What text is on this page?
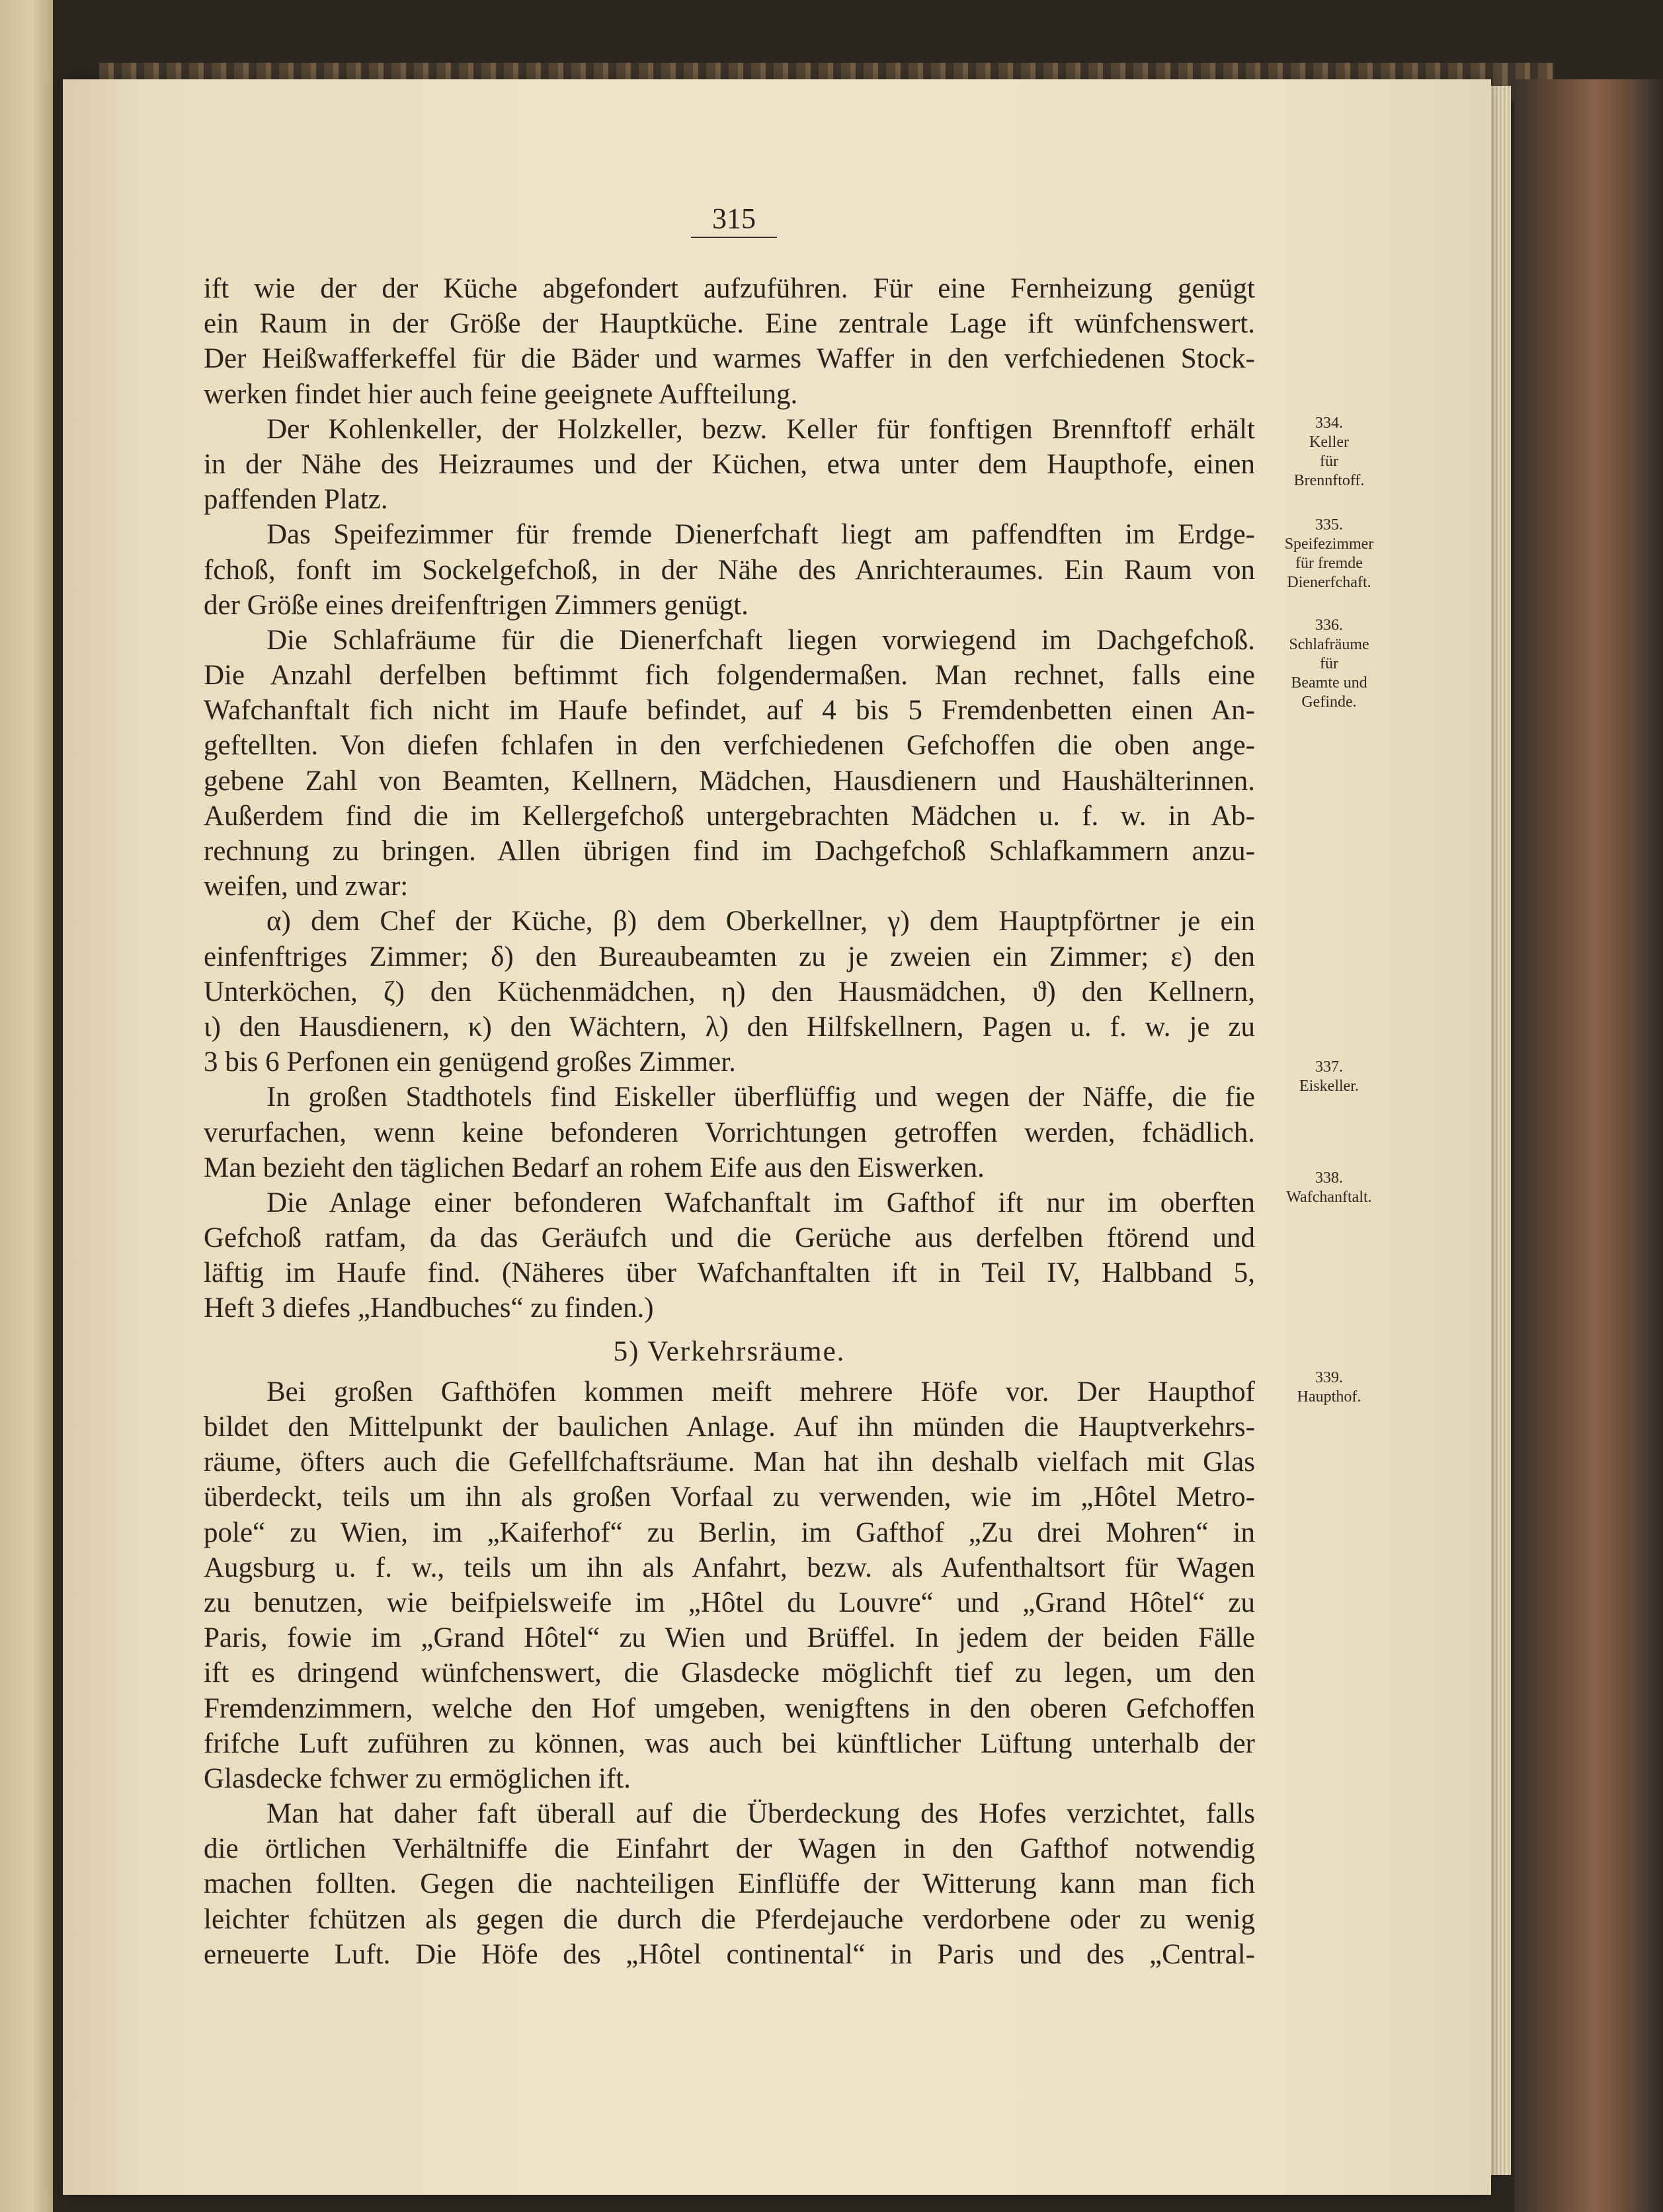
315
ift wie der der Küche abgefondert aufzuführen. Für eine Fernheizung genügt
ein Raum in der Größe der Hauptküche. Eine zentrale Lage ift wünfchenswert.
Der Heißwafferkeffel für die Bäder und warmes Waffer in den verfchiedenen Stock-
werken findet hier auch feine geeignete Auffteilung.
Der Kohlenkeller, der Holzkeller, bezw. Keller für fonftigen Brennftoff erhält
in der Nähe des Heizraumes und der Küchen, etwa unter dem Haupthofe, einen
paffenden Platz.
Das Speifezimmer für fremde Dienerfchaft liegt am paffendften im Erdge-
fchoß, fonft im Sockelgefchoß, in der Nähe des Anrichteraumes. Ein Raum von
der Größe eines dreifenftrigen Zimmers genügt.
Die Schlafräume für die Dienerfchaft liegen vorwiegend im Dachgefchoß.
Die Anzahl derfelben beftimmt fich folgendermaßen. Man rechnet, falls eine
Wafchanftalt fich nicht im Haufe befindet, auf 4 bis 5 Fremdenbetten einen An-
geftellten. Von diefen fchlafen in den verfchiedenen Gefchoffen die oben ange-
gebene Zahl von Beamten, Kellnern, Mädchen, Hausdienern und Haushälterinnen.
Außerdem find die im Kellergefchoß untergebrachten Mädchen u. f. w. in Ab-
rechnung zu bringen. Allen übrigen find im Dachgefchoß Schlafkammern anzu-
weifen, und zwar:
α) dem Chef der Küche, β) dem Oberkellner, γ) dem Hauptpförtner je ein
einfenftriges Zimmer; δ) den Bureaubeamten zu je zweien ein Zimmer; ε) den
Unterköchen, ζ) den Küchenmädchen, η) den Hausmädchen, ϑ) den Kellnern,
ι) den Hausdienern, κ) den Wächtern, λ) den Hilfskellnern, Pagen u. f. w. je zu
3 bis 6 Perfonen ein genügend großes Zimmer.
In großen Stadthotels find Eiskeller überflüffig und wegen der Näffe, die fie
verurfachen, wenn keine befonderen Vorrichtungen getroffen werden, fchädlich.
Man bezieht den täglichen Bedarf an rohem Eife aus den Eiswerken.
Die Anlage einer befonderen Wafchanftalt im Gafthof ift nur im oberften
Gefchoß ratfam, da das Geräufch und die Gerüche aus derfelben ftörend und
läftig im Haufe find. (Näheres über Wafchanftalten ift in Teil IV, Halbband 5,
Heft 3 diefes „Handbuches“ zu finden.)
5) Verkehrsräume.
Bei großen Gafthöfen kommen meift mehrere Höfe vor. Der Haupthof
bildet den Mittelpunkt der baulichen Anlage. Auf ihn münden die Hauptverkehrs-
räume, öfters auch die Gefellfchaftsräume. Man hat ihn deshalb vielfach mit Glas
überdeckt, teils um ihn als großen Vorfaal zu verwenden, wie im „Hôtel Metro-
pole“ zu Wien, im „Kaiferhof“ zu Berlin, im Gafthof „Zu drei Mohren“ in
Augsburg u. f. w., teils um ihn als Anfahrt, bezw. als Aufenthaltsort für Wagen
zu benutzen, wie beifpielsweife im „Hôtel du Louvre“ und „Grand Hôtel“ zu
Paris, fowie im „Grand Hôtel“ zu Wien und Brüffel. In jedem der beiden Fälle
ift es dringend wünfchenswert, die Glasdecke möglichft tief zu legen, um den
Fremdenzimmern, welche den Hof umgeben, wenigftens in den oberen Gefchoffen
frifche Luft zuführen zu können, was auch bei künftlicher Lüftung unterhalb der
Glasdecke fchwer zu ermöglichen ift.
Man hat daher faft überall auf die Überdeckung des Hofes verzichtet, falls
die örtlichen Verhältniffe die Einfahrt der Wagen in den Gafthof notwendig
machen follten. Gegen die nachteiligen Einflüffe der Witterung kann man fich
leichter fchützen als gegen die durch die Pferdejauche verdorbene oder zu wenig
erneuerte Luft. Die Höfe des „Hôtel continental“ in Paris und des „Central-
334.
Keller
für
Brennftoff.
335.
Speifezimmer
für fremde
Dienerfchaft.
336.
Schlafräume
für
Beamte und
Gefinde.
337.
Eiskeller.
338.
Wafchanftalt.
339.
Haupthof.
